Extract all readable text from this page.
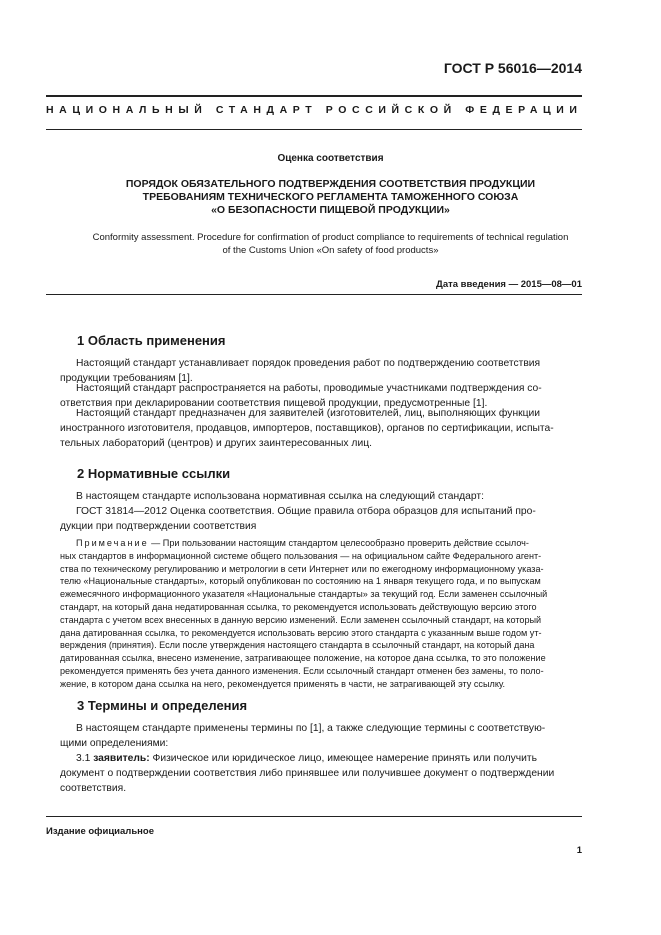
ГОСТ Р 56016—2014
НАЦИОНАЛЬНЫЙ СТАНДАРТ РОССИЙСКОЙ ФЕДЕРАЦИИ
Оценка соответствия
ПОРЯДОК ОБЯЗАТЕЛЬНОГО ПОДТВЕРЖДЕНИЯ СООТВЕТСТВИЯ ПРОДУКЦИИ
ТРЕБОВАНИЯМ ТЕХНИЧЕСКОГО РЕГЛАМЕНТА ТАМОЖЕННОГО СОЮЗА
«О БЕЗОПАСНОСТИ ПИЩЕВОЙ ПРОДУКЦИИ»
Conformity assessment. Procedure for confirmation of product compliance to requirements of technical regulation
of the Customs Union «On safety of food products»
Дата введения — 2015—08—01
1 Область применения
Настоящий стандарт устанавливает порядок проведения работ по подтверждению соответствия
продукции требованиям [1].
Настоящий стандарт распространяется на работы, проводимые участниками подтверждения со-
ответствия при декларировании соответствия пищевой продукции, предусмотренные [1].
Настоящий стандарт предназначен для заявителей (изготовителей, лиц, выполняющих функции
иностранного изготовителя, продавцов, импортеров, поставщиков), органов по сертификации, испыта-
тельных лабораторий (центров) и других заинтересованных лиц.
2 Нормативные ссылки
В настоящем стандарте использована нормативная ссылка на следующий стандарт:
ГОСТ 31814—2012 Оценка соответствия. Общие правила отбора образцов для испытаний про-
дукции при подтверждении соответствия
Примечание — При пользовании настоящим стандартом целесообразно проверить действие ссылоч-
ных стандартов в информационной системе общего пользования — на официальном сайте Федерального агент-
ства по техническому регулированию и метрологии в сети Интернет или по ежегодному информационному указа-
телю «Национальные стандарты», который опубликован по состоянию на 1 января текущего года, и по выпускам
ежемесячного информационного указателя «Национальные стандарты» за текущий год. Если заменен ссылочный
стандарт, на который дана недатированная ссылка, то рекомендуется использовать действующую версию этого
стандарта с учетом всех внесенных в данную версию изменений. Если заменен ссылочный стандарт, на который
дана датированная ссылка, то рекомендуется использовать версию этого стандарта с указанным выше годом ут-
верждения (принятия). Если после утверждения настоящего стандарта в ссылочный стандарт, на который дана
датированная ссылка, внесено изменение, затрагивающее положение, на которое дана ссылка, то это положение
рекомендуется применять без учета данного изменения. Если ссылочный стандарт отменен без замены, то поло-
жение, в котором дана ссылка на него, рекомендуется применять в части, не затрагивающей эту ссылку.
3 Термины и определения
В настоящем стандарте применены термины по [1], а также следующие термины с соответствую-
щими определениями:
3.1 заявитель: Физическое или юридическое лицо, имеющее намерение принять или получить
документ о подтверждении соответствия либо принявшее или получившее документ о подтверждении
соответствия.
Издание официальное
1
